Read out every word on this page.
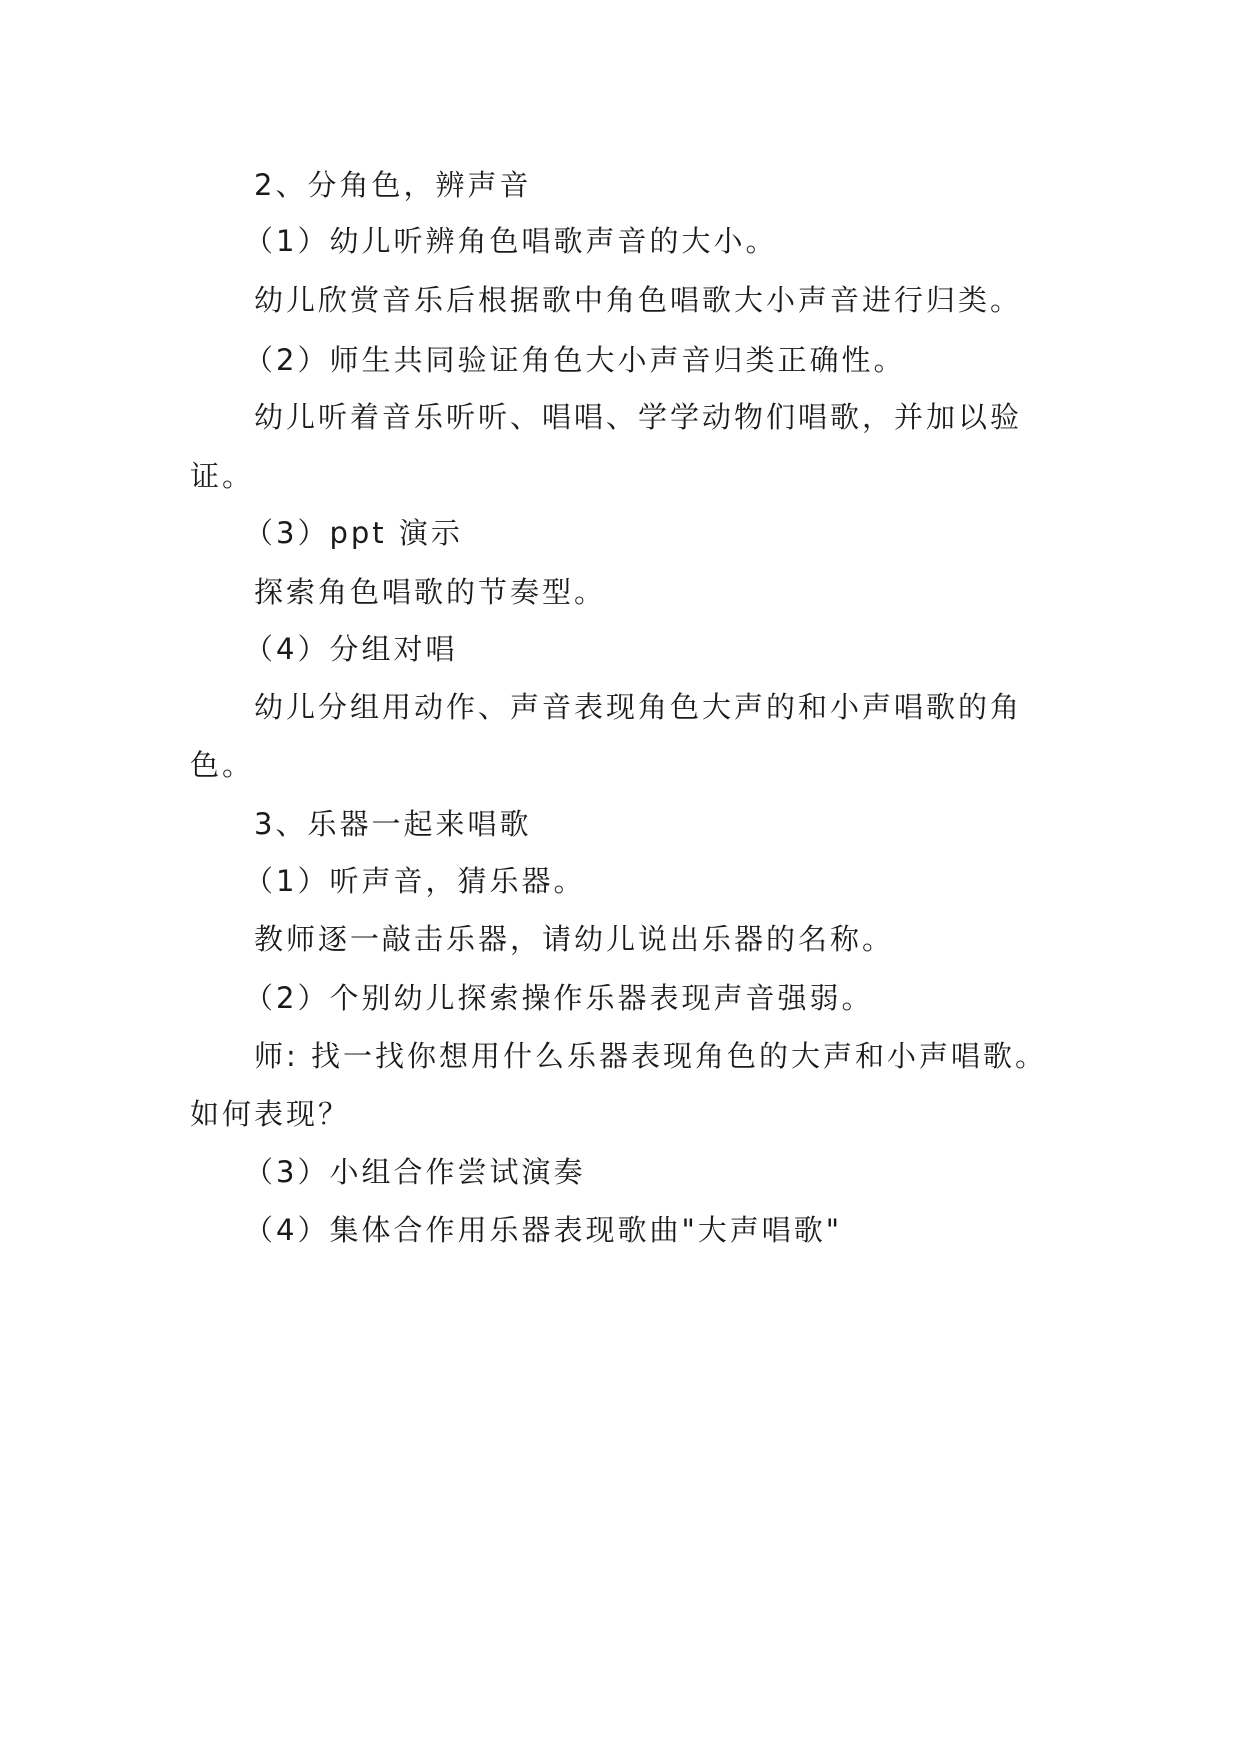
2、分角色，辨声音
（1）幼儿听辨角色唱歌声音的大小。
幼儿欣赏音乐后根据歌中角色唱歌大小声音进行归类。
（2）师生共同验证角色大小声音归类正确性。
幼儿听着音乐听听、唱唱、学学动物们唱歌，并加以验
证。
（3）ppt 演示
探索角色唱歌的节奏型。
（4）分组对唱
幼儿分组用动作、声音表现角色大声的和小声唱歌的角
色。
3、乐器一起来唱歌
（1）听声音，猜乐器。
教师逐一敲击乐器，请幼儿说出乐器的名称。
（2）个别幼儿探索操作乐器表现声音强弱。
师: 找一找你想用什么乐器表现角色的大声和小声唱歌。
如何表现？
（3）小组合作尝试演奏
（4）集体合作用乐器表现歌曲"大声唱歌"
